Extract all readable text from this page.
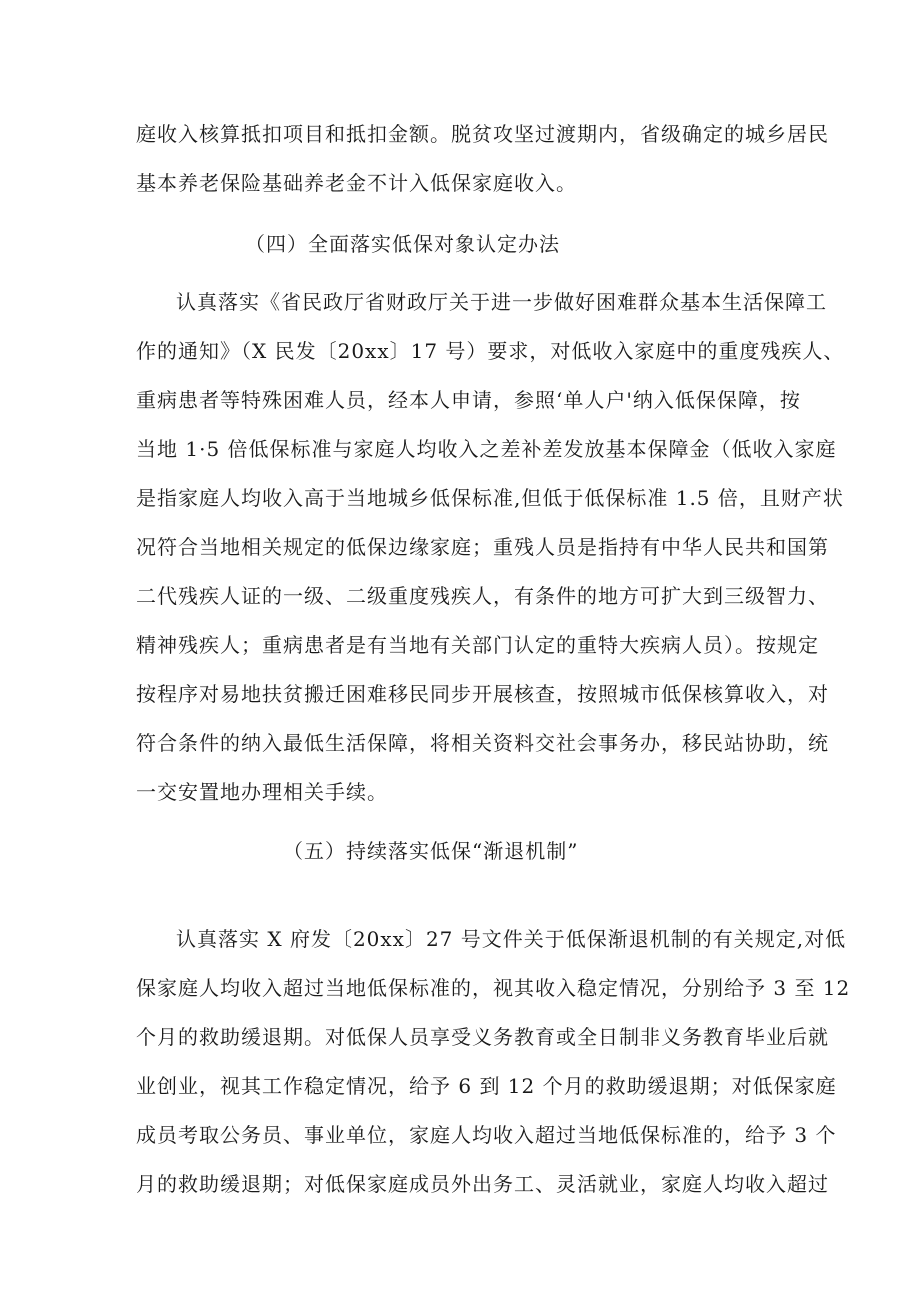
庭收入核算抵扣项目和抵扣金额。脱贫攻坚过渡期内，省级确定的城乡居民
基本养老保险基础养老金不计入低保家庭收入。
（四）全面落实低保对象认定办法
认真落实《省民政厅省财政厅关于进一步做好困难群众基本生活保障工
作的通知》（X 民发〔20xx〕17 号）要求，对低收入家庭中的重度残疾人、
重病患者等特殊困难人员，经本人申请，参照‘单人户'纳入低保保障，按
当地 1·5 倍低保标准与家庭人均收入之差补差发放基本保障金（低收入家庭
是指家庭人均收入高于当地城乡低保标准,但低于低保标准 1.5 倍，且财产状
况符合当地相关规定的低保边缘家庭；重残人员是指持有中华人民共和国第
二代残疾人证的一级、二级重度残疾人，有条件的地方可扩大到三级智力、
精神残疾人；重病患者是有当地有关部门认定的重特大疾病人员）。按规定
按程序对易地扶贫搬迁困难移民同步开展核查，按照城市低保核算收入，对
符合条件的纳入最低生活保障，将相关资料交社会事务办，移民站协助，统
一交安置地办理相关手续。
（五）持续落实低保“渐退机制”
认真落实 X 府发〔20xx〕27 号文件关于低保渐退机制的有关规定,对低
保家庭人均收入超过当地低保标准的，视其收入稳定情况，分别给予 3 至 12
个月的救助缓退期。对低保人员享受义务教育或全日制非义务教育毕业后就
业创业，视其工作稳定情况，给予 6 到 12 个月的救助缓退期；对低保家庭
成员考取公务员、事业单位，家庭人均收入超过当地低保标准的，给予 3 个
月的救助缓退期；对低保家庭成员外出务工、灵活就业，家庭人均收入超过
